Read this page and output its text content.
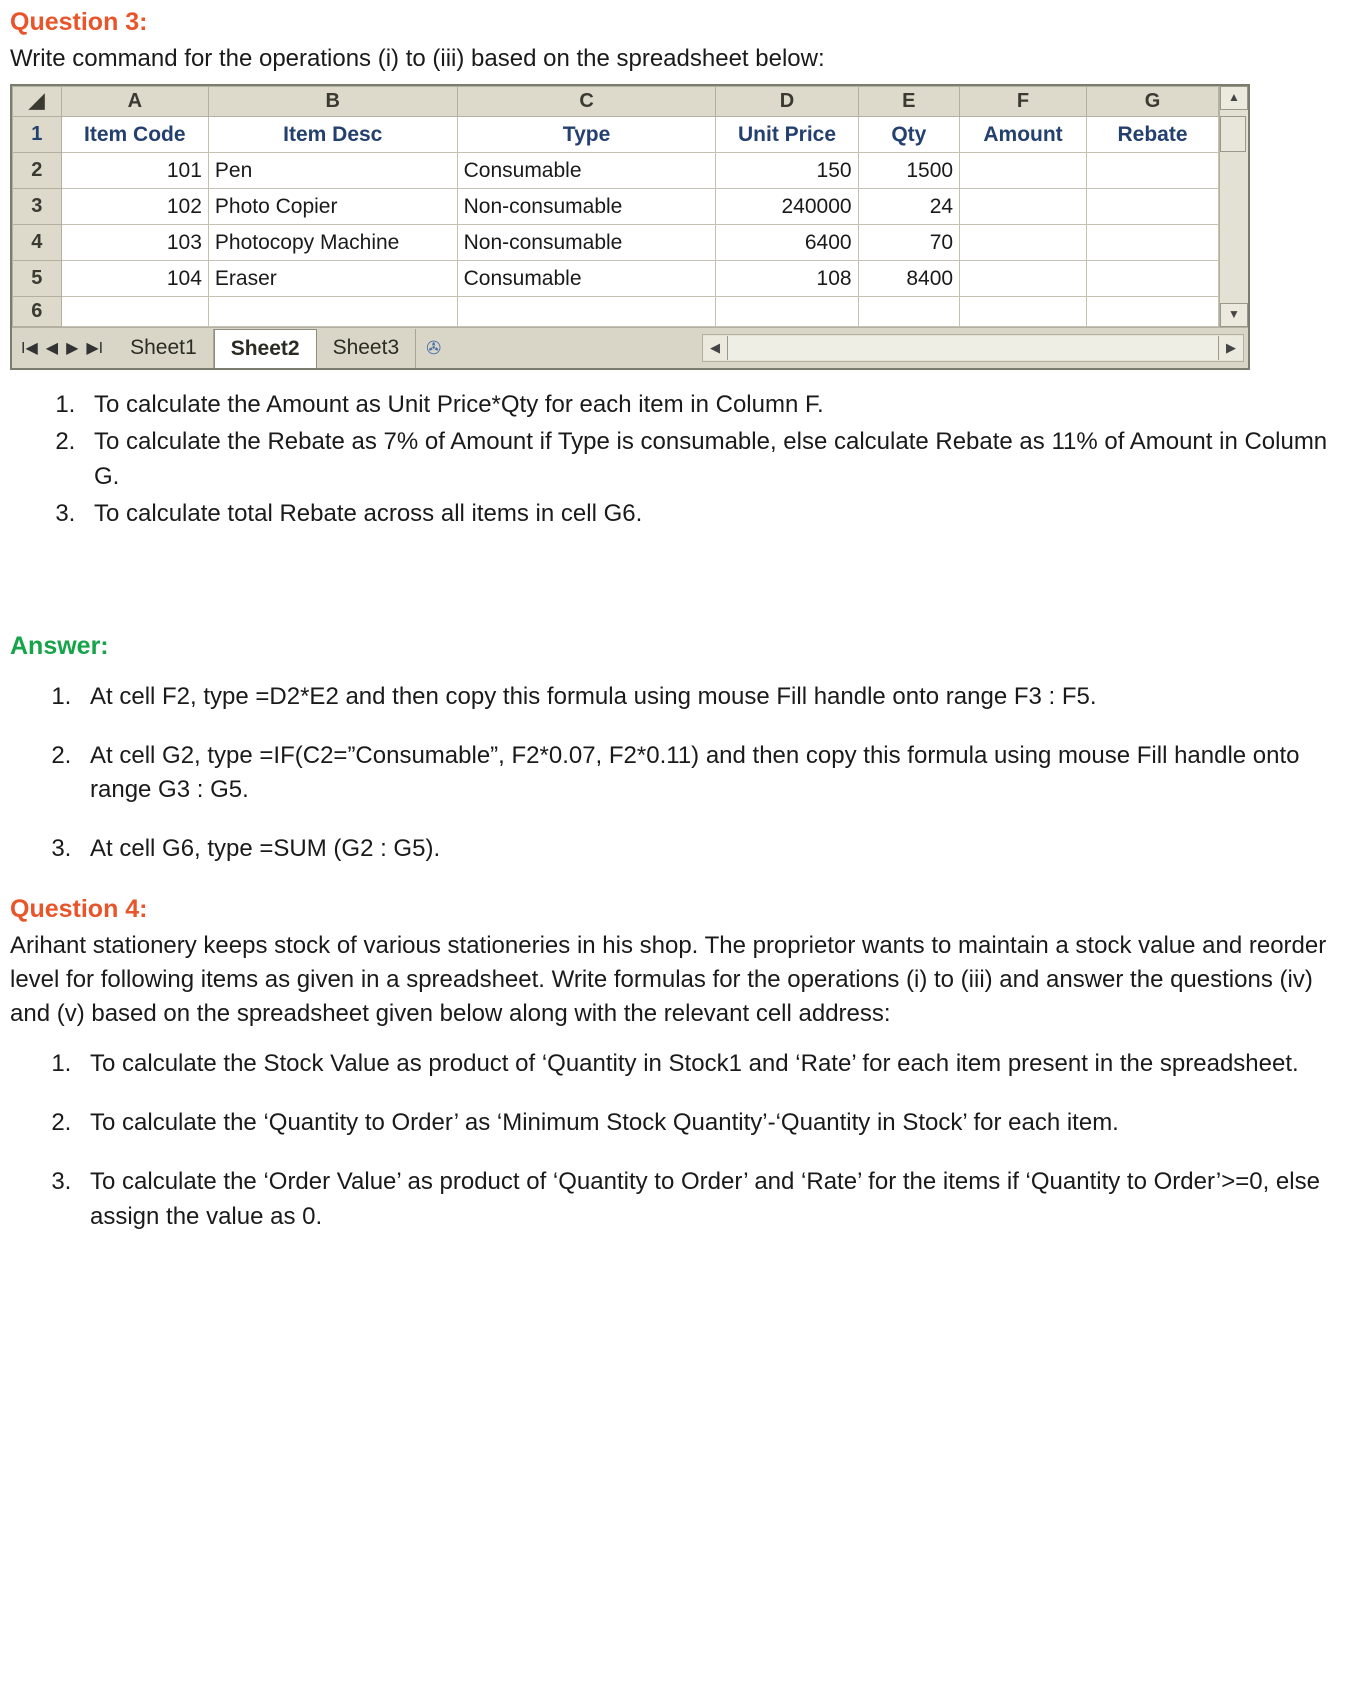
Question 3:
Write command for the operations (i) to (iii) based on the spreadsheet below:
◢	A	B	C	D	E	F	G
1	Item Code	Item Desc	Type	Unit Price	Qty	Amount	Rebate
2	101	Pen	Consumable	150	1500		
3	102	Photo Copier	Non-consumable	240000	24		
4	103	Photocopy Machine	Non-consumable	6400	70		
5	104	Eraser	Consumable	108	8400		
6							
▲
▼
I◀ ◀ ▶ ▶I	Sheet1	Sheet2	Sheet3	✇	◀	▶
1. To calculate the Amount as Unit Price*Qty for each item in Column F.
2. To calculate the Rebate as 7% of Amount if Type is consumable, else calculate Rebate as 11% of Amount in Column G.
3. To calculate total Rebate across all items in cell G6.
Answer:
1. At cell F2, type =D2*E2 and then copy this formula using mouse Fill handle onto range F3 : F5.
2. At cell G2, type =IF(C2=”Consumable”, F2*0.07, F2*0.11) and then copy this formula using mouse Fill handle onto range G3 : G5.
3. At cell G6, type =SUM (G2 : G5).
Question 4:
Arihant stationery keeps stock of various stationeries in his shop. The proprietor wants to maintain a stock value and reorder level for following items as given in a spreadsheet. Write formulas for the operations (i) to (iii) and answer the questions (iv) and (v) based on the spreadsheet given below along with the relevant cell address:
1. To calculate the Stock Value as product of ‘Quantity in Stock1 and ‘Rate’ for each item present in the spreadsheet.
2. To calculate the ‘Quantity to Order’ as ‘Minimum Stock Quantity’-‘Quantity in Stock’ for each item.
3. To calculate the ‘Order Value’ as product of ‘Quantity to Order’ and ‘Rate’ for the items if ‘Quantity to Order’>=0, else assign the value as 0.
